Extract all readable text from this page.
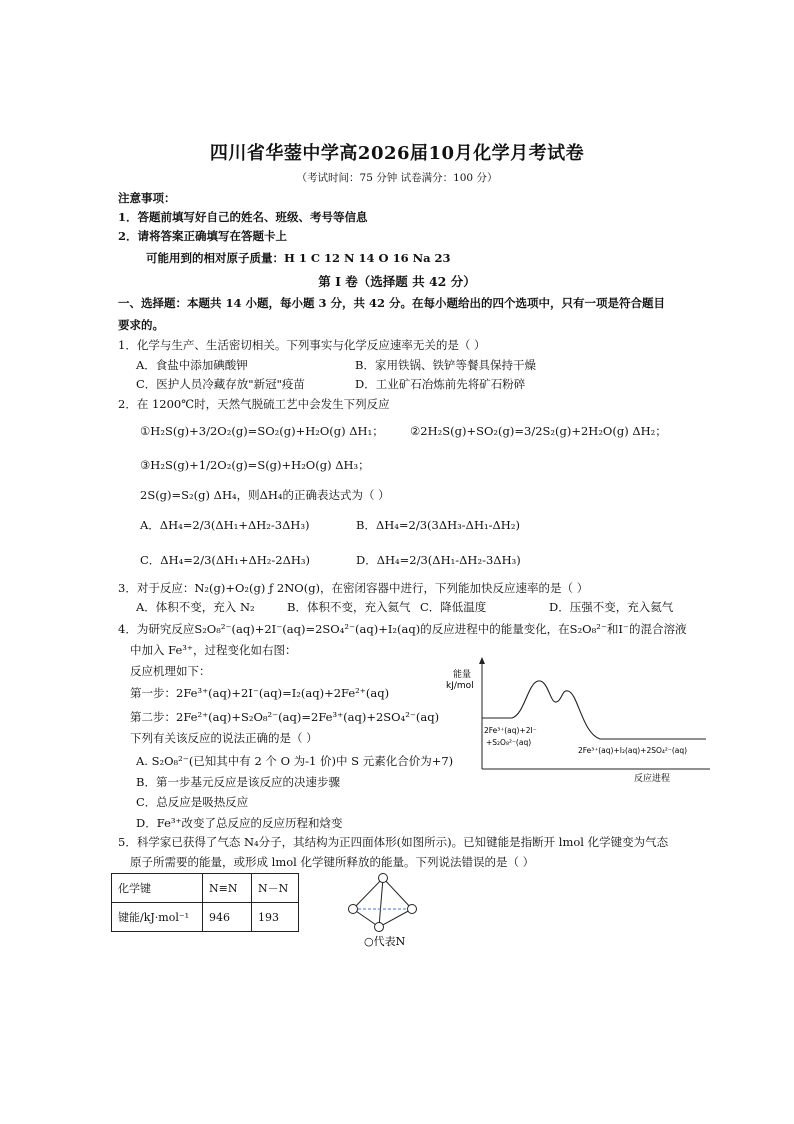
四川省华蓥中学高2026届10月化学月考试卷
（考试时间：75 分钟 试卷满分：100 分）
注意事项：
1．答题前填写好自己的姓名、班级、考号等信息
2．请将答案正确填写在答题卡上
可能用到的相对原子质量：H 1 C 12 N 14 O 16 Na 23
第 I 卷（选择题 共 42 分）
一、选择题：本题共 14 小题，每小题 3 分，共 42 分。在每小题给出的四个选项中，只有一项是符合题目
要求的。
1．化学与生产、生活密切相关。下列事实与化学反应速率无关的是（ ）
A．食盐中添加碘酸钾	B．家用铁锅、铁铲等餐具保持干燥
C．医护人员冷藏存放"新冠"疫苗	D．工业矿石冶炼前先将矿石粉碎
2．在 1200℃时，天然气脱硫工艺中会发生下列反应
①H₂S(g)+3/2O₂(g)=SO₂(g)+H₂O(g) ΔH₁； ②2H₂S(g)+SO₂(g)=3/2S₂(g)+2H₂O(g) ΔH₂；
③H₂S(g)+1/2O₂(g)=S(g)+H₂O(g) ΔH₃；
2S(g)=S₂(g) ΔH₄，则ΔH₄的正确表达式为（ ）
A．ΔH₄=2/3(ΔH₁+ΔH₂-3ΔH₃)	B．ΔH₄=2/3(3ΔH₃-ΔH₁-ΔH₂)
C．ΔH₄=2/3(ΔH₁+ΔH₂-2ΔH₃)	D．ΔH₄=2/3(ΔH₁-ΔH₂-3ΔH₃)
3．对于反应：N₂(g)+O₂(g) ƒ 2NO(g)，在密闭容器中进行，下列能加快反应速率的是（ ）
A．体积不变，充入 N₂	B．体积不变，充入氦气 C．降低温度	D．压强不变，充入氦气
4．为研究反应S₂O₈²⁻(aq)+2I⁻(aq)=2SO₄²⁻(aq)+I₂(aq)的反应进程中的能量变化，在S₂O₈²⁻和I⁻的混合溶液
中加入 Fe³⁺，过程变化如右图：
反应机理如下：
第一步：2Fe³⁺(aq)+2I⁻(aq)=I₂(aq)+2Fe²⁺(aq)
第二步：2Fe²⁺(aq)+S₂O₈²⁻(aq)=2Fe³⁺(aq)+2SO₄²⁻(aq)
下列有关该反应的说法正确的是（ ）
A. S₂O₈²⁻(已知其中有 2 个 O 为-1 价)中 S 元素化合价为+7)
B．第一步基元反应是该反应的决速步骤
C．总反应是吸热反应
D．Fe³⁺改变了总反应的反应历程和焓变
能量
kJ/mol
2Fe³⁺(aq)+2I⁻
+S₂O₈²⁻(aq)
2Fe³⁺(aq)+I₂(aq)+2SO₄²⁻(aq)
反应进程
5．科学家已获得了气态 N₄分子，其结构为正四面体形(如图所示)。已知键能是指断开 lmol 化学键变为气态
原子所需要的能量，或形成 lmol 化学键所释放的能量。下列说法错误的是（ ）
化学键	N≡N	N－N
键能/kJ·mol⁻¹	946	193
○代表N
